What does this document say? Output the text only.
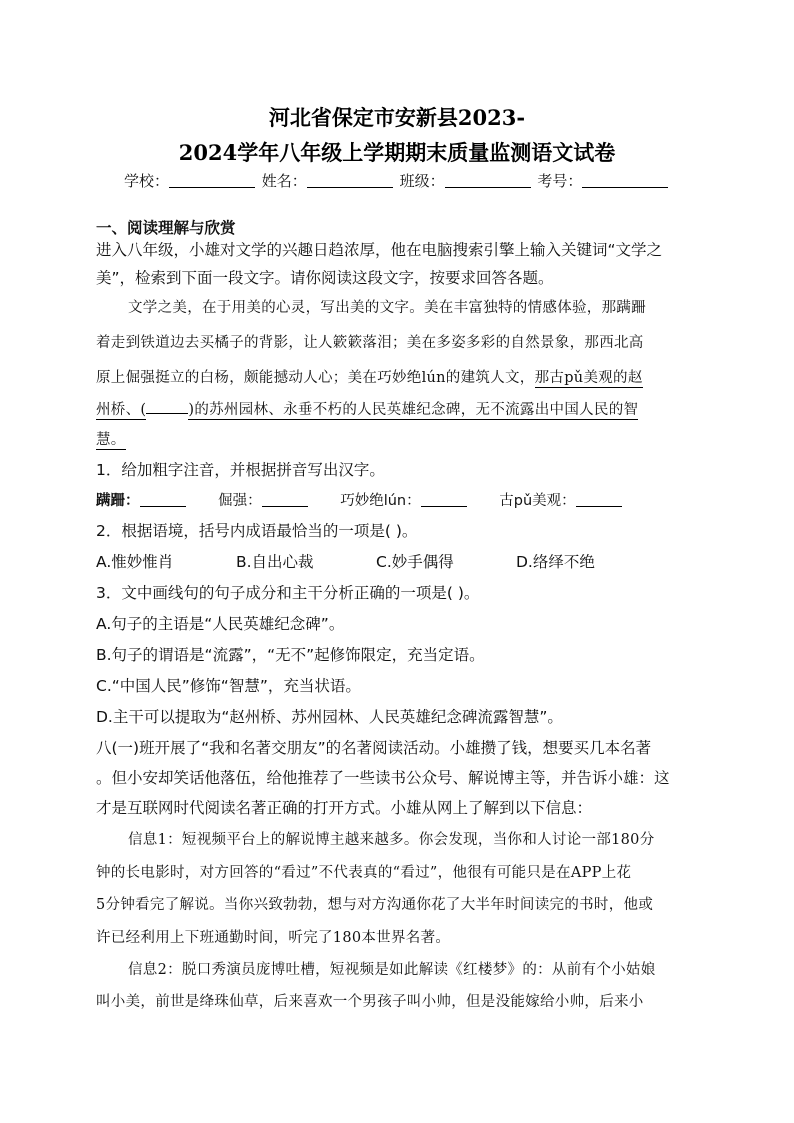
河北省保定市安新县2023-
2024学年八年级上学期期末质量监测语文试卷
学校：	姓名：	班级：	考号：
一、阅读理解与欣赏
进入八年级，小雄对文学的兴趣日趋浓厚，他在电脑搜索引擎上输入关键词“文学之
美”，检索到下面一段文字。请你阅读这段文字，按要求回答各题。
文学之美，在于用美的心灵，写出美的文字。美在丰富独特的情感体验，那蹒跚
着走到铁道边去买橘子的背影，让人簌簌落泪；美在多姿多彩的自然景象，那西北高
原上倔强挺立的白杨，颇能撼动人心；美在巧妙绝lún的建筑人文，那古pǔ美观的赵
州桥、(	)的苏州园林、永垂不朽的人民英雄纪念碑，无不流露出中国人民的智
慧。
1．给加粗字注音，并根据拼音写出汉字。
蹒跚：	倔强：	巧妙绝lún：	古pǔ美观：
2．根据语境，括号内成语最恰当的一项是( )。
A.惟妙惟肖	B.自出心裁	C.妙手偶得	D.络绎不绝
3．文中画线句的句子成分和主干分析正确的一项是( )。
A.句子的主语是“人民英雄纪念碑”。
B.句子的谓语是“流露”，“无不”起修饰限定，充当定语。
C.“中国人民”修饰“智慧”，充当状语。
D.主干可以提取为“赵州桥、苏州园林、人民英雄纪念碑流露智慧”。
八(一)班开展了“我和名著交朋友”的名著阅读活动。小雄攒了钱，想要买几本名著
。但小安却笑话他落伍，给他推荐了一些读书公众号、解说博主等，并告诉小雄：这
才是互联网时代阅读名著正确的打开方式。小雄从网上了解到以下信息：
信息1：短视频平台上的解说博主越来越多。你会发现，当你和人讨论一部180分
钟的长电影时，对方回答的“看过”不代表真的“看过”，他很有可能只是在APP上花
5分钟看完了解说。当你兴致勃勃，想与对方沟通你花了大半年时间读完的书时，他或
许已经利用上下班通勤时间，听完了180本世界名著。
信息2：脱口秀演员庞博吐槽，短视频是如此解读《红楼梦》的：从前有个小姑娘
叫小美，前世是绛珠仙草，后来喜欢一个男孩子叫小帅，但是没能嫁给小帅，后来小
